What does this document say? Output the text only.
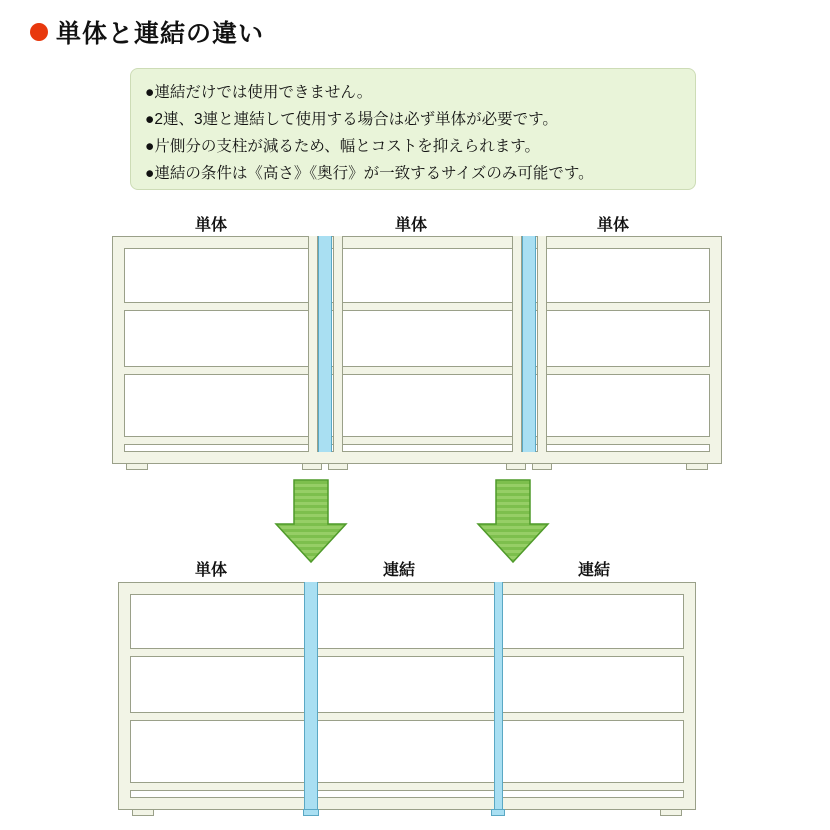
単体と連結の違い
●連結だけでは使用できません。
●2連、3連と連結して使用する場合は必ず単体が必要です。
●片側分の支柱が減るため、幅とコストを抑えられます。
●連結の条件は《高さ》《奥行》が一致するサイズのみ可能です。
単体	単体	単体
単体	連結	連結
